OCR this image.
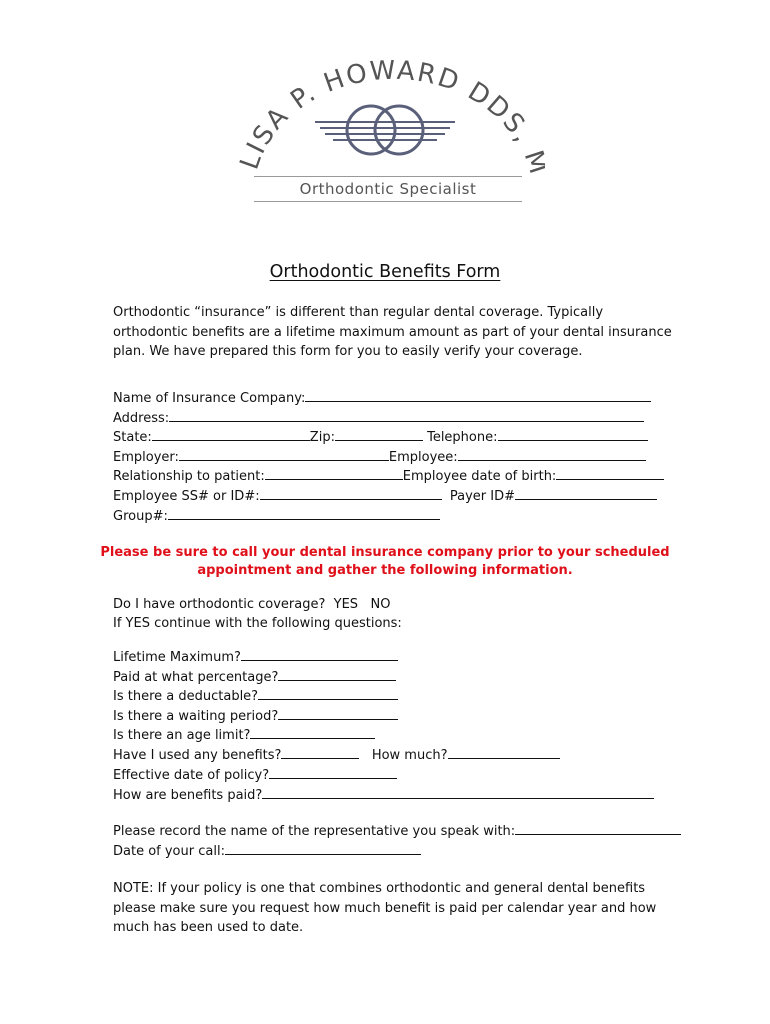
LISA P. HOWARD DDS,
Orthodontic Specialist
Orthodontic Benefits Form
Orthodontic “insurance” is different than regular dental coverage. Typically orthodontic benefits are a lifetime maximum amount as part of your dental insurance plan. We have prepared this form for you to easily verify your coverage.
Name of Insurance Company:
Address:
State:	Zip:	Telephone:
Employer:	Employee:
Relationship to patient:	Employee date of birth:
Employee SS# or ID#:	Payer ID#
Group#:
Please be sure to call your dental insurance company prior to your scheduled appointment and gather the following information.
Do I have orthodontic coverage? YES NO
If YES continue with the following questions:
Lifetime Maximum?
Paid at what percentage?
Is there a deductable?
Is there a waiting period?
Is there an age limit?
Have I used any benefits?	How much?
Effective date of policy?
How are benefits paid?
Please record the name of the representative you speak with:
Date of your call:
NOTE: If your policy is one that combines orthodontic and general dental benefits please make sure you request how much benefit is paid per calendar year and how much has been used to date.
